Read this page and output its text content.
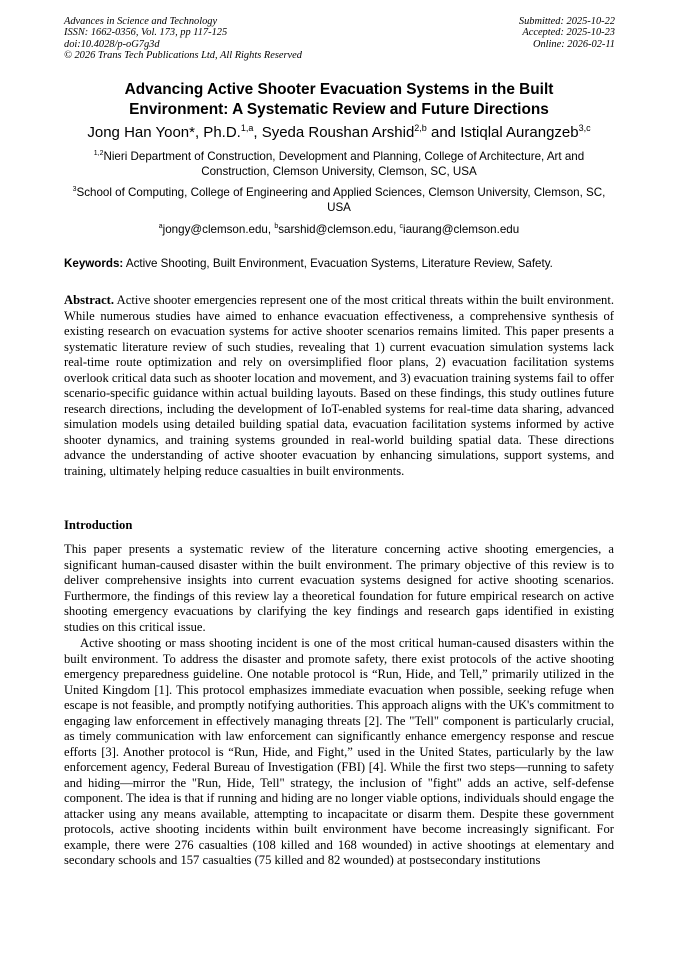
Advances in Science and Technology
ISSN: 1662-0356, Vol. 173, pp 117-125
doi:10.4028/p-oG7g3d
© 2026 Trans Tech Publications Ltd, All Rights Reserved
Submitted: 2025-10-22
Accepted: 2025-10-23
Online: 2026-02-11
Advancing Active Shooter Evacuation Systems in the Built
Environment: A Systematic Review and Future Directions
Jong Han Yoon*, Ph.D.$^{1,a}$, Syeda Roushan Arshid$^{2,b}$ and Istiqlal Aurangzeb$^{3,c}$
$^{1,2}$Nieri Department of Construction, Development and Planning, College of Architecture, Art and Construction, Clemson University, Clemson, SC, USA
$^3$School of Computing, College of Engineering and Applied Sciences, Clemson University, Clemson, SC, USA
$^a$jongy@clemson.edu, $^b$sarshid@clemson.edu, $^c$iaurang@clemson.edu
Keywords: Active Shooting, Built Environment, Evacuation Systems, Literature Review, Safety.
Abstract. Active shooter emergencies represent one of the most critical threats within the built environment. While numerous studies have aimed to enhance evacuation effectiveness, a comprehensive synthesis of existing research on evacuation systems for active shooter scenarios remains limited. This paper presents a systematic literature review of such studies, revealing that 1) current evacuation simulation systems lack real-time route optimization and rely on oversimplified floor plans, 2) evacuation facilitation systems overlook critical data such as shooter location and movement, and 3) evacuation training systems fail to offer scenario-specific guidance within actual building layouts. Based on these findings, this study outlines future research directions, including the development of IoT-enabled systems for real-time data sharing, advanced simulation models using detailed building spatial data, evacuation facilitation systems informed by active shooter dynamics, and training systems grounded in real-world building spatial data. These directions advance the understanding of active shooter evacuation by enhancing simulations, support systems, and training, ultimately helping reduce casualties in built environments.
Introduction

This paper presents a systematic review of the literature concerning active shooting emergencies, a significant human-caused disaster within the built environment. The primary objective of this review is to deliver comprehensive insights into current evacuation systems designed for active shooting scenarios. Furthermore, the findings of this review lay a theoretical foundation for future empirical research on active shooting emergency evacuations by clarifying the key findings and research gaps identified in existing studies on this critical issue.

Active shooting or mass shooting incident is one of the most critical human-caused disasters within the built environment. To address the disaster and promote safety, there exist protocols of the active shooting emergency preparedness guideline. One notable protocol is “Run, Hide, and Tell,” primarily utilized in the United Kingdom [1]. This protocol emphasizes immediate evacuation when possible, seeking refuge when escape is not feasible, and promptly notifying authorities. This approach aligns with the UK's commitment to engaging law enforcement in effectively managing threats [2]. The "Tell" component is particularly crucial, as timely communication with law enforcement can significantly enhance emergency response and rescue efforts [3]. Another protocol is “Run, Hide, and Fight,” used in the United States, particularly by the law enforcement agency, Federal Bureau of Investigation (FBI) [4]. While the first two steps—running to safety and hiding—mirror the "Run, Hide, Tell" strategy, the inclusion of "fight" adds an active, self-defense component. The idea is that if running and hiding are no longer viable options, individuals should engage the attacker using any means available, attempting to incapacitate or disarm them. Despite these government protocols, active shooting incidents within built environment have become increasingly significant. For example, there were 276 casualties (108 killed and 168 wounded) in active shootings at elementary and secondary schools and 157 casualties (75 killed and 82 wounded) at postsecondary institutions
